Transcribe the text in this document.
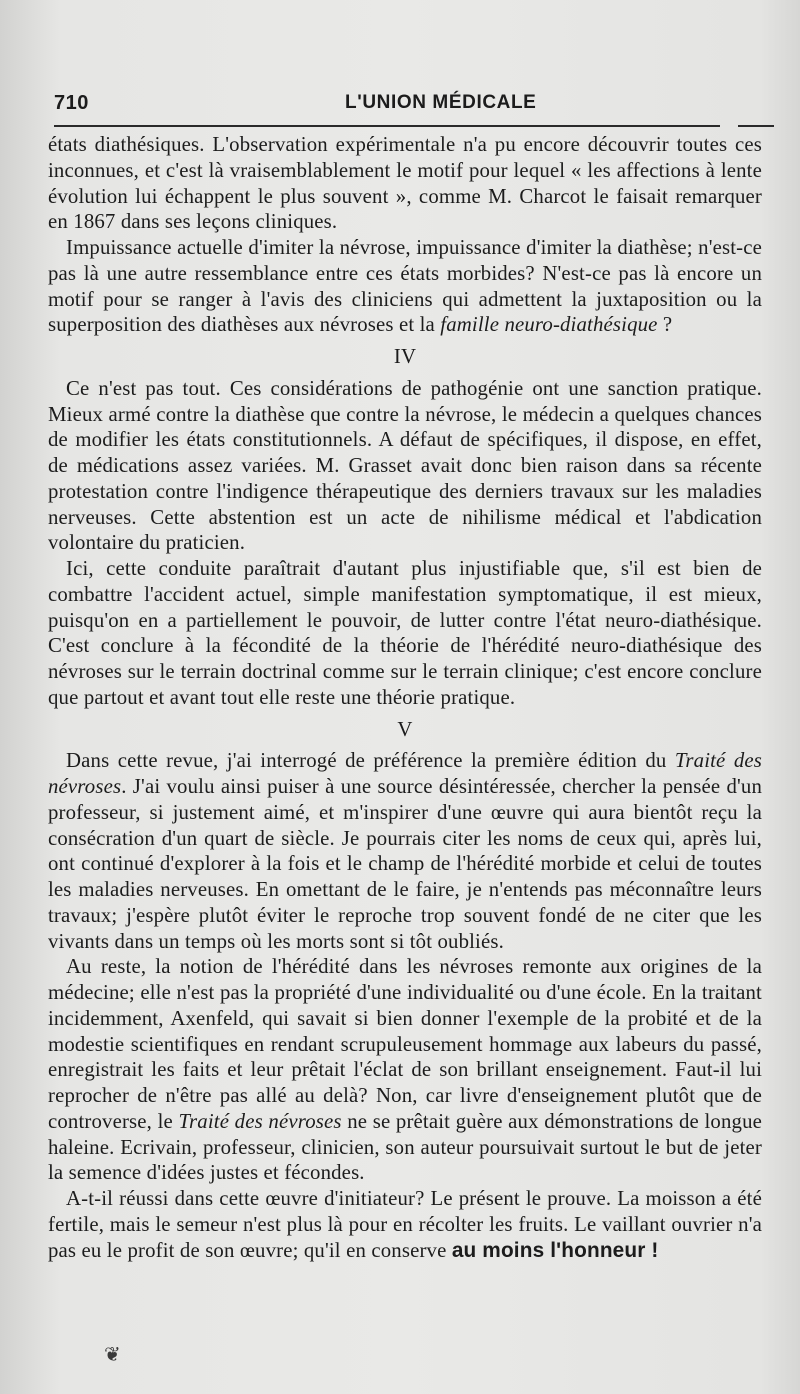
710	L'UNION MÉDICALE

états diathésiques. L'observation expérimentale n'a pu encore découvrir toutes ces inconnues, et c'est là vraisemblablement le motif pour lequel « les affections à lente évolution lui échappent le plus souvent », comme M. Charcot le faisait remarquer en 1867 dans ses leçons cliniques.

Impuissance actuelle d'imiter la névrose, impuissance d'imiter la diathèse; n'est-ce pas là une autre ressemblance entre ces états morbides? N'est-ce pas là encore un motif pour se ranger à l'avis des cliniciens qui admettent la juxtaposition ou la superposition des diathèses aux névroses et la famille neuro-diathésique ?

IV

Ce n'est pas tout. Ces considérations de pathogénie ont une sanction pratique. Mieux armé contre la diathèse que contre la névrose, le médecin a quelques chances de modifier les états constitutionnels. A défaut de spécifiques, il dispose, en effet, de médications assez variées. M. Grasset avait donc bien raison dans sa récente protestation contre l'indigence thérapeutique des derniers travaux sur les maladies nerveuses. Cette abstention est un acte de nihilisme médical et l'abdication volontaire du praticien.

Ici, cette conduite paraîtrait d'autant plus injustifiable que, s'il est bien de combattre l'accident actuel, simple manifestation symptomatique, il est mieux, puisqu'on en a partiellement le pouvoir, de lutter contre l'état neuro-diathésique. C'est conclure à la fécondité de la théorie de l'hérédité neuro-diathésique des névroses sur le terrain doctrinal comme sur le terrain clinique; c'est encore conclure que partout et avant tout elle reste une théorie pratique.

V

Dans cette revue, j'ai interrogé de préférence la première édition du Traité des névroses. J'ai voulu ainsi puiser à une source désintéressée, chercher la pensée d'un professeur, si justement aimé, et m'inspirer d'une œuvre qui aura bientôt reçu la consécration d'un quart de siècle. Je pourrais citer les noms de ceux qui, après lui, ont continué d'explorer à la fois et le champ de l'hérédité morbide et celui de toutes les maladies nerveuses. En omettant de le faire, je n'entends pas méconnaître leurs travaux; j'espère plutôt éviter le reproche trop souvent fondé de ne citer que les vivants dans un temps où les morts sont si tôt oubliés.

Au reste, la notion de l'hérédité dans les névroses remonte aux origines de la médecine; elle n'est pas la propriété d'une individualité ou d'une école. En la traitant incidemment, Axenfeld, qui savait si bien donner l'exemple de la probité et de la modestie scientifiques en rendant scrupuleusement hommage aux labeurs du passé, enregistrait les faits et leur prêtait l'éclat de son brillant enseignement. Faut-il lui reprocher de n'être pas allé au delà? Non, car livre d'enseignement plutôt que de controverse, le Traité des névroses ne se prêtait guère aux démonstrations de longue haleine. Ecrivain, professeur, clinicien, son auteur poursuivait surtout le but de jeter la semence d'idées justes et fécondes.

A-t-il réussi dans cette œuvre d'initiateur? Le présent le prouve. La moisson a été fertile, mais le semeur n'est plus là pour en récolter les fruits. Le vaillant ouvrier n'a pas eu le profit de son œuvre; qu'il en conserve au moins l'honneur !

❦
